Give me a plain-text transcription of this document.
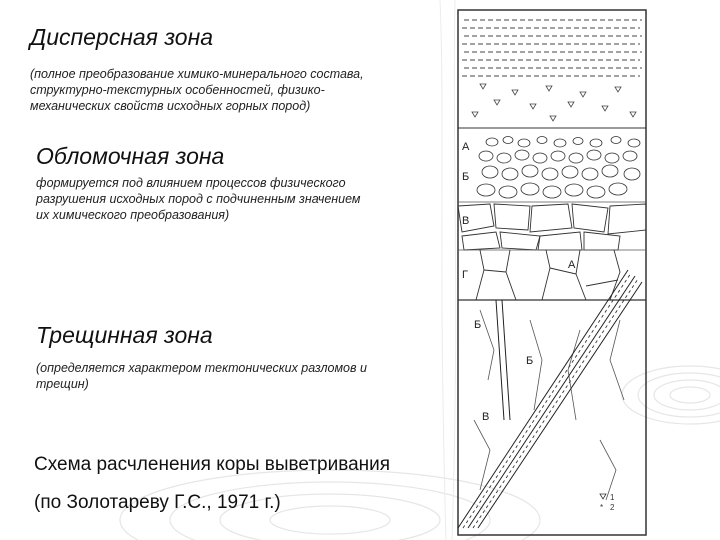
Дисперсная зона
(полное преобразование химико-минерального состава,
структурно-текстурных особенностей, физико-
механических свойств исходных горных пород)
Обломочная зона
формируется под влиянием процессов физического
разрушения исходных пород с подчиненным значением
их химического преобразования)
Трещинная зона
(определяется характером тектонических разломов и
трещин)
Схема расчленения коры выветривания
(по Золотареву Г.С., 1971 г.)
А
Б
В
Г
А
Б
Б
В
1
* 2
